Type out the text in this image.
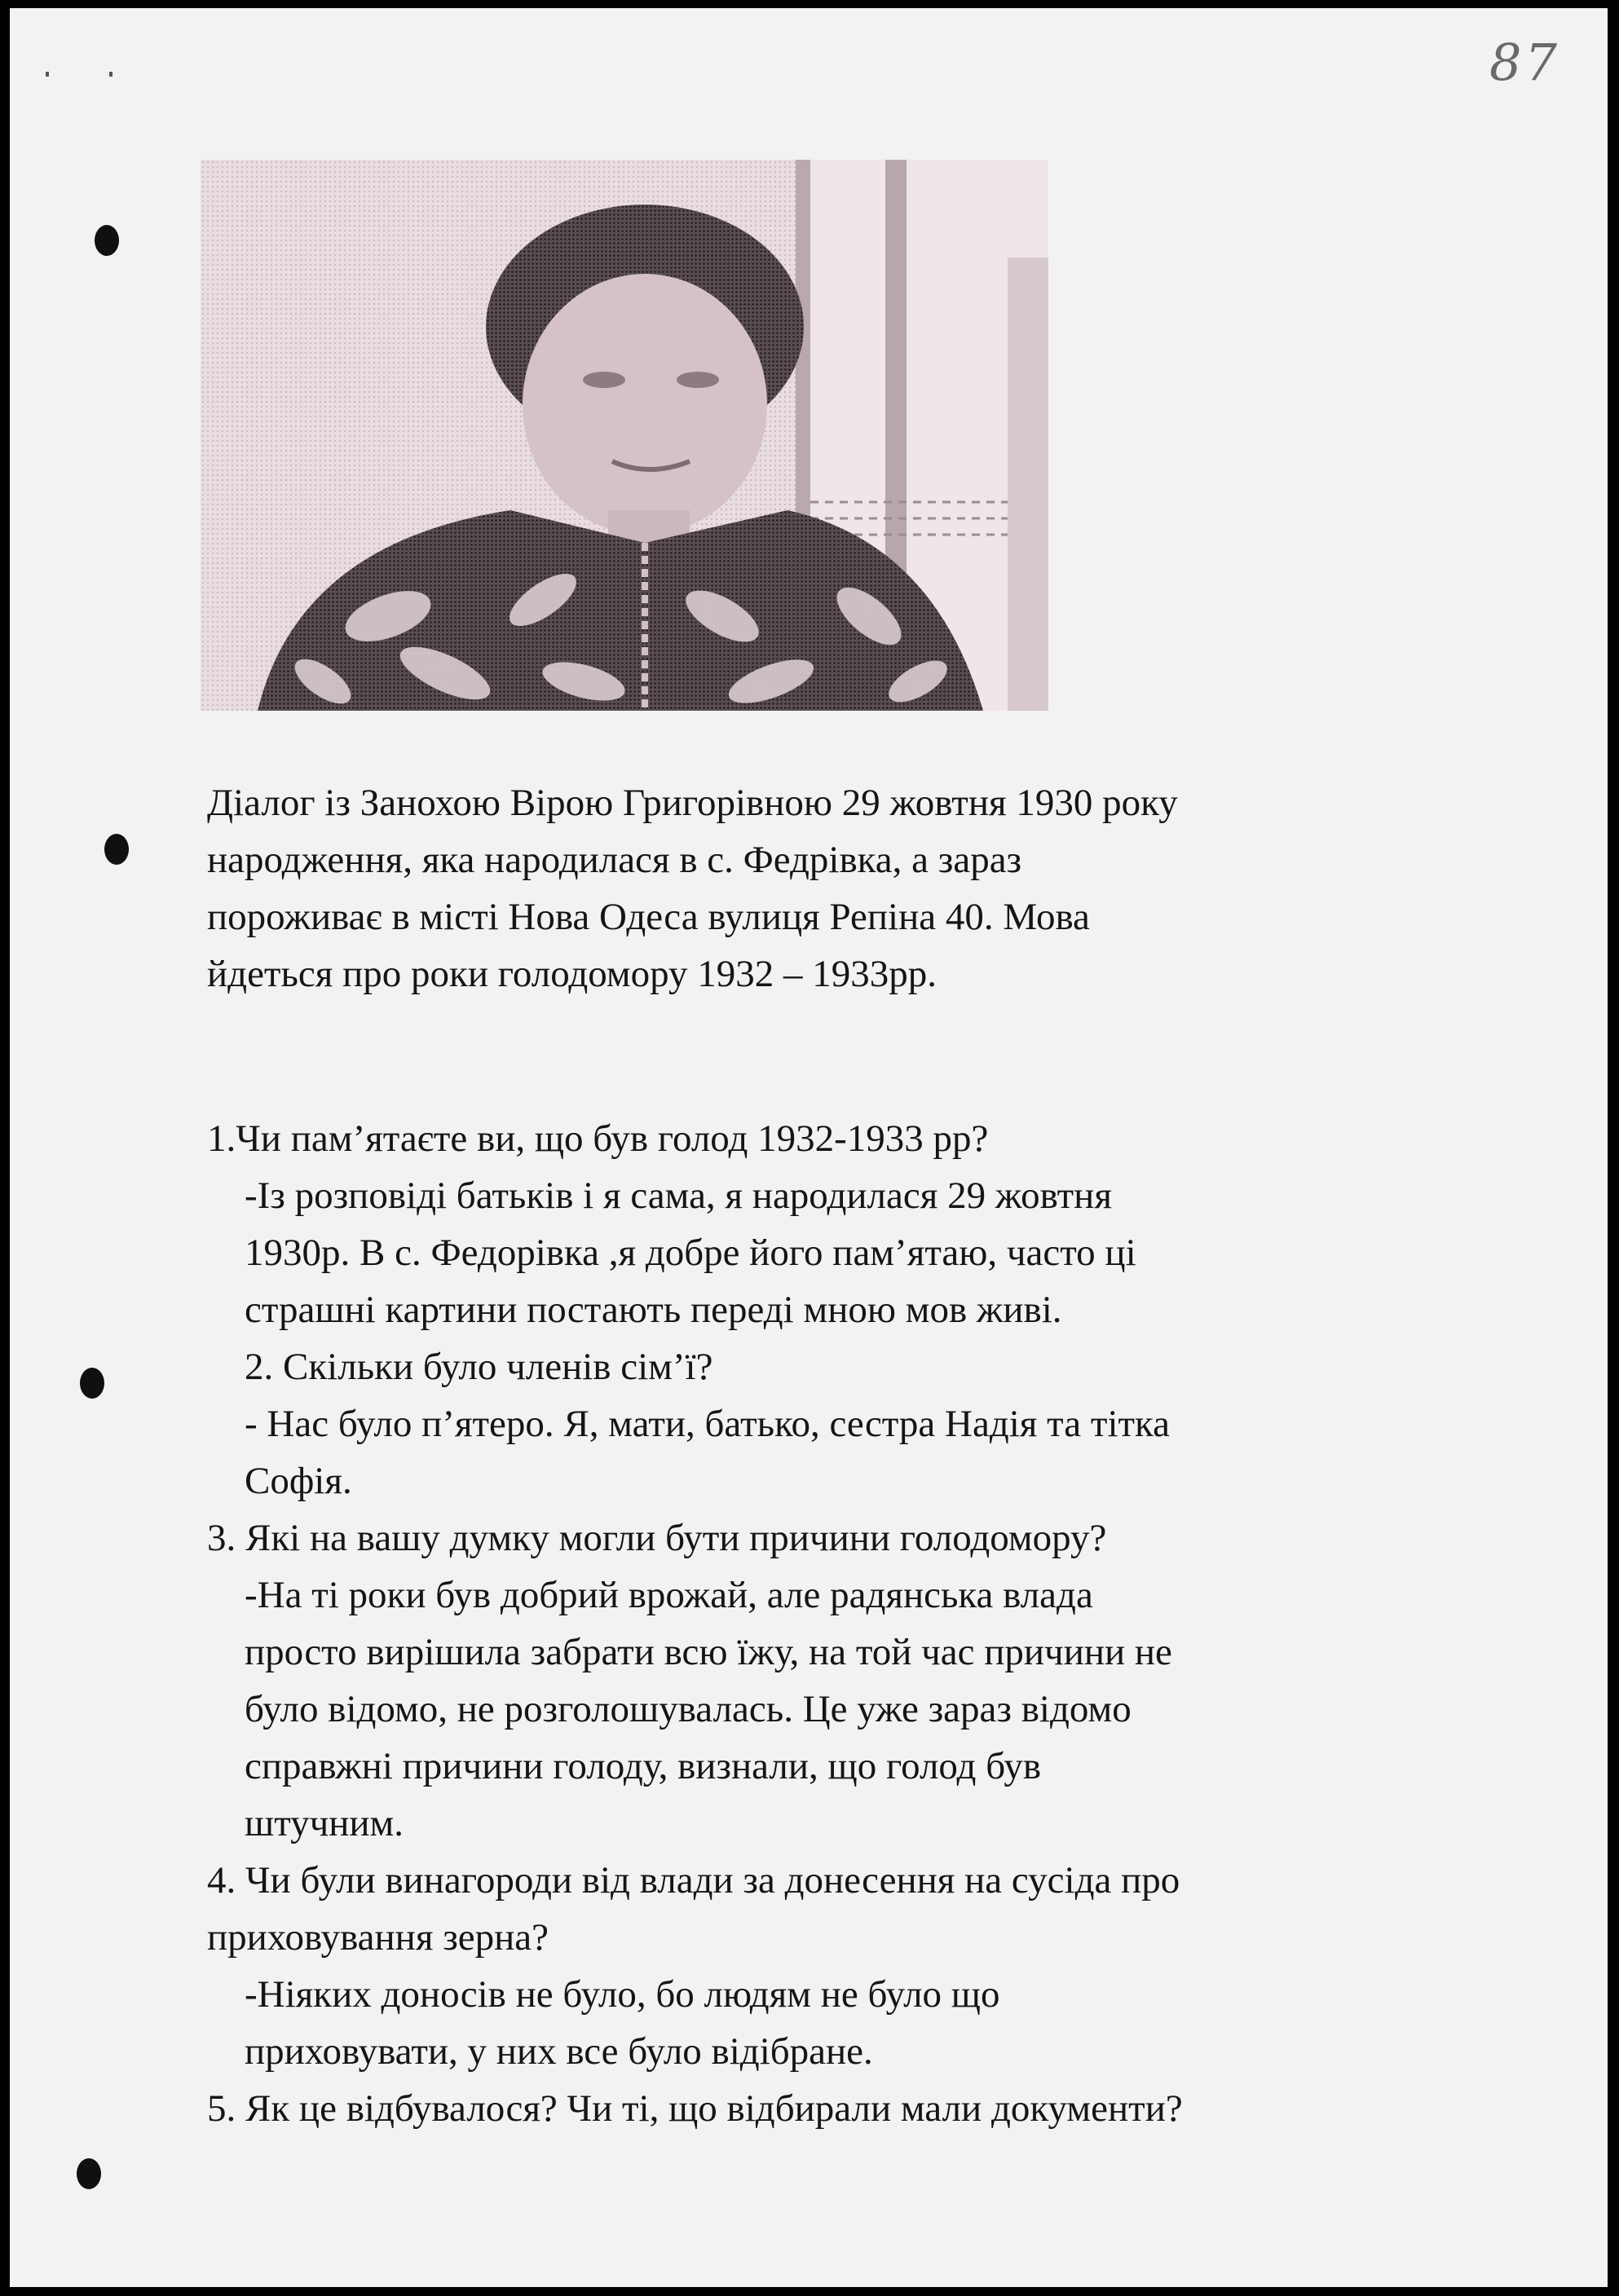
87

Діалог із Занохою Вірою Григорівною 29 жовтня 1930 року

народження, яка народилася в с. Федрівка, а зараз

пороживає в місті Нова Одеса вулиця Репіна 40. Мова

йдеться про роки голодомору 1932 – 1933рр.

1.Чи пам’ятаєте ви, що був голод 1932-1933 рр?

-Із розповіді батьків і я сама, я народилася 29 жовтня

1930р. В с. Федорівка ,я добре його пам’ятаю, часто ці

страшні картини постають переді мною мов живі.

2. Скільки було членів сім’ї?

- Нас було п’ятеро. Я, мати, батько, сестра Надія та тітка

Софія.

3. Які на вашу думку могли бути причини голодомору?

-На ті роки був добрий врожай, але радянська влада

просто вирішила забрати всю їжу, на той час причини не

було відомо, не розголошувалась. Це уже зараз відомо

справжні причини голоду, визнали, що голод був

штучним.

4. Чи були винагороди від влади за донесення на сусіда про

приховування зерна?

-Ніяких доносів не було, бо людям не було що

приховувати, у них все було відібране.

5. Як це відбувалося? Чи ті, що відбирали мали документи?
